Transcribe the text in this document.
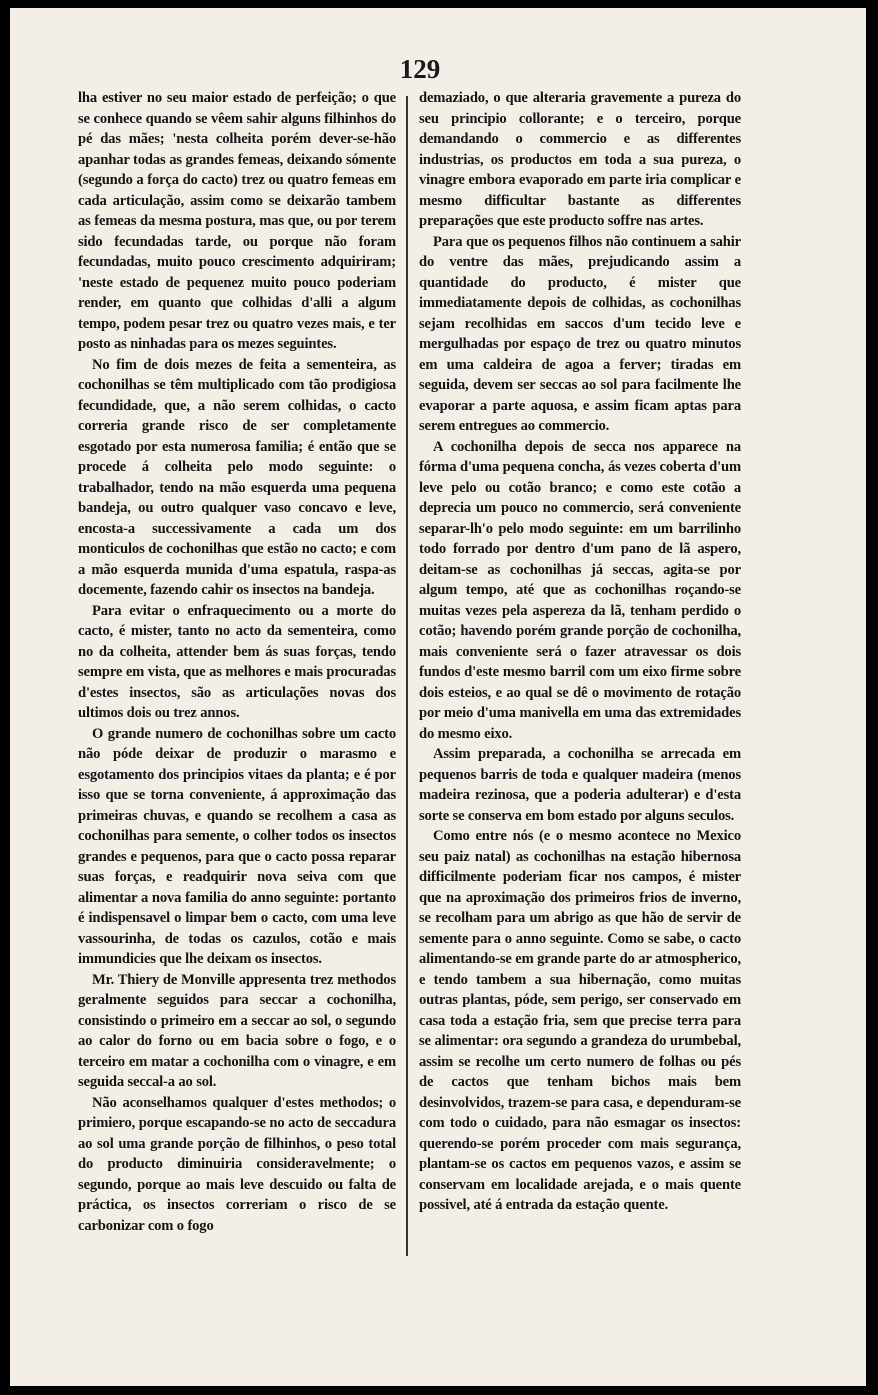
129

lha estiver no seu maior estado de perfeição; o que se conhece quando se vêem sahir alguns filhinhos do pé das mães; 'nesta colheita porém dever-se-hão apanhar todas as grandes femeas, deixando sómente (segundo a força do cacto) trez ou quatro femeas em cada articulação, assim como se deixarão tambem as femeas da mesma postura, mas que, ou por terem sido fecundadas tarde, ou porque não foram fecundadas, muito pouco crescimento adquiriram; 'neste estado de pequenez muito pouco poderiam render, em quanto que colhidas d'alli a algum tempo, podem pesar trez ou quatro vezes mais, e ter posto as ninhadas para os mezes seguintes.

No fim de dois mezes de feita a sementeira, as cochonilhas se têm multiplicado com tão prodigiosa fecundidade, que, a não serem colhidas, o cacto correria grande risco de ser completamente esgotado por esta numerosa familia; é então que se procede á colheita pelo modo seguinte: o trabalhador, tendo na mão esquerda uma pequena bandeja, ou outro qualquer vaso concavo e leve, encosta-a successivamente a cada um dos monticulos de cochonilhas que estão no cacto; e com a mão esquerda munida d'uma espatula, raspa-as docemente, fazendo cahir os insectos na bandeja.

Para evitar o enfraquecimento ou a morte do cacto, é mister, tanto no acto da sementeira, como no da colheita, attender bem ás suas forças, tendo sempre em vista, que as melhores e mais procuradas d'estes insectos, são as articulações novas dos ultimos dois ou trez annos.

O grande numero de cochonilhas sobre um cacto não póde deixar de produzir o marasmo e esgotamento dos principios vitaes da planta; e é por isso que se torna conveniente, á approximação das primeiras chuvas, e quando se recolhem a casa as cochonilhas para semente, o colher todos os insectos grandes e pequenos, para que o cacto possa reparar suas forças, e readquirir nova seiva com que alimentar a nova familia do anno seguinte: portanto é indispensavel o limpar bem o cacto, com uma leve vassourinha, de todas os cazulos, cotão e mais immundicies que lhe deixam os insectos.

Mr. Thiery de Monville appresenta trez methodos geralmente seguidos para seccar a cochonilha, consistindo o primeiro em a seccar ao sol, o segundo ao calor do forno ou em bacia sobre o fogo, e o terceiro em matar a cochonilha com o vinagre, e em seguida seccal-a ao sol.

Não aconselhamos qualquer d'estes methodos; o primiero, porque escapando-se no acto de seccadura ao sol uma grande porção de filhinhos, o peso total do producto diminuiria consideravelmente; o segundo, porque ao mais leve descuido ou falta de práctica, os insectos correriam o risco de se carbonizar com o fogo

demaziado, o que alteraria gravemente a pureza do seu principio collorante; e o terceiro, porque demandando o commercio e as differentes industrias, os productos em toda a sua pureza, o vinagre embora evaporado em parte iria complicar e mesmo difficultar bastante as differentes preparações que este producto soffre nas artes.

Para que os pequenos filhos não continuem a sahir do ventre das mães, prejudicando assim a quantidade do producto, é mister que immediatamente depois de colhidas, as cochonilhas sejam recolhidas em saccos d'um tecido leve e mergulhadas por espaço de trez ou quatro minutos em uma caldeira de agoa a ferver; tiradas em seguida, devem ser seccas ao sol para facilmente lhe evaporar a parte aquosa, e assim ficam aptas para serem entregues ao commercio.

A cochonilha depois de secca nos apparece na fórma d'uma pequena concha, ás vezes coberta d'um leve pelo ou cotão branco; e como este cotão a deprecia um pouco no commercio, será conveniente separar-lh'o pelo modo seguinte: em um barrilinho todo forrado por dentro d'um pano de lã aspero, deitam-se as cochonilhas já seccas, agita-se por algum tempo, até que as cochonilhas roçando-se muitas vezes pela aspereza da lã, tenham perdido o cotão; havendo porém grande porção de cochonilha, mais conveniente será o fazer atravessar os dois fundos d'este mesmo barril com um eixo firme sobre dois esteios, e ao qual se dê o movimento de rotação por meio d'uma manivella em uma das extremidades do mesmo eixo.

Assim preparada, a cochonilha se arrecada em pequenos barris de toda e qualquer madeira (menos madeira rezinosa, que a poderia adulterar) e d'esta sorte se conserva em bom estado por alguns seculos.

Como entre nós (e o mesmo acontece no Mexico seu paiz natal) as cochonilhas na estação hibernosa difficilmente poderiam ficar nos campos, é mister que na aproximação dos primeiros frios de inverno, se recolham para um abrigo as que hão de servir de semente para o anno seguinte. Como se sabe, o cacto alimentando-se em grande parte do ar atmospherico, e tendo tambem a sua hibernação, como muitas outras plantas, póde, sem perigo, ser conservado em casa toda a estação fria, sem que precise terra para se alimentar: ora segundo a grandeza do urumbebal, assim se recolhe um certo numero de folhas ou pés de cactos que tenham bichos mais bem desinvolvidos, trazem-se para casa, e dependuram-se com todo o cuidado, para não esmagar os insectos: querendo-se porém proceder com mais segurança, plantam-se os cactos em pequenos vazos, e assim se conservam em localidade arejada, e o mais quente possivel, até á entrada da estação quente.
